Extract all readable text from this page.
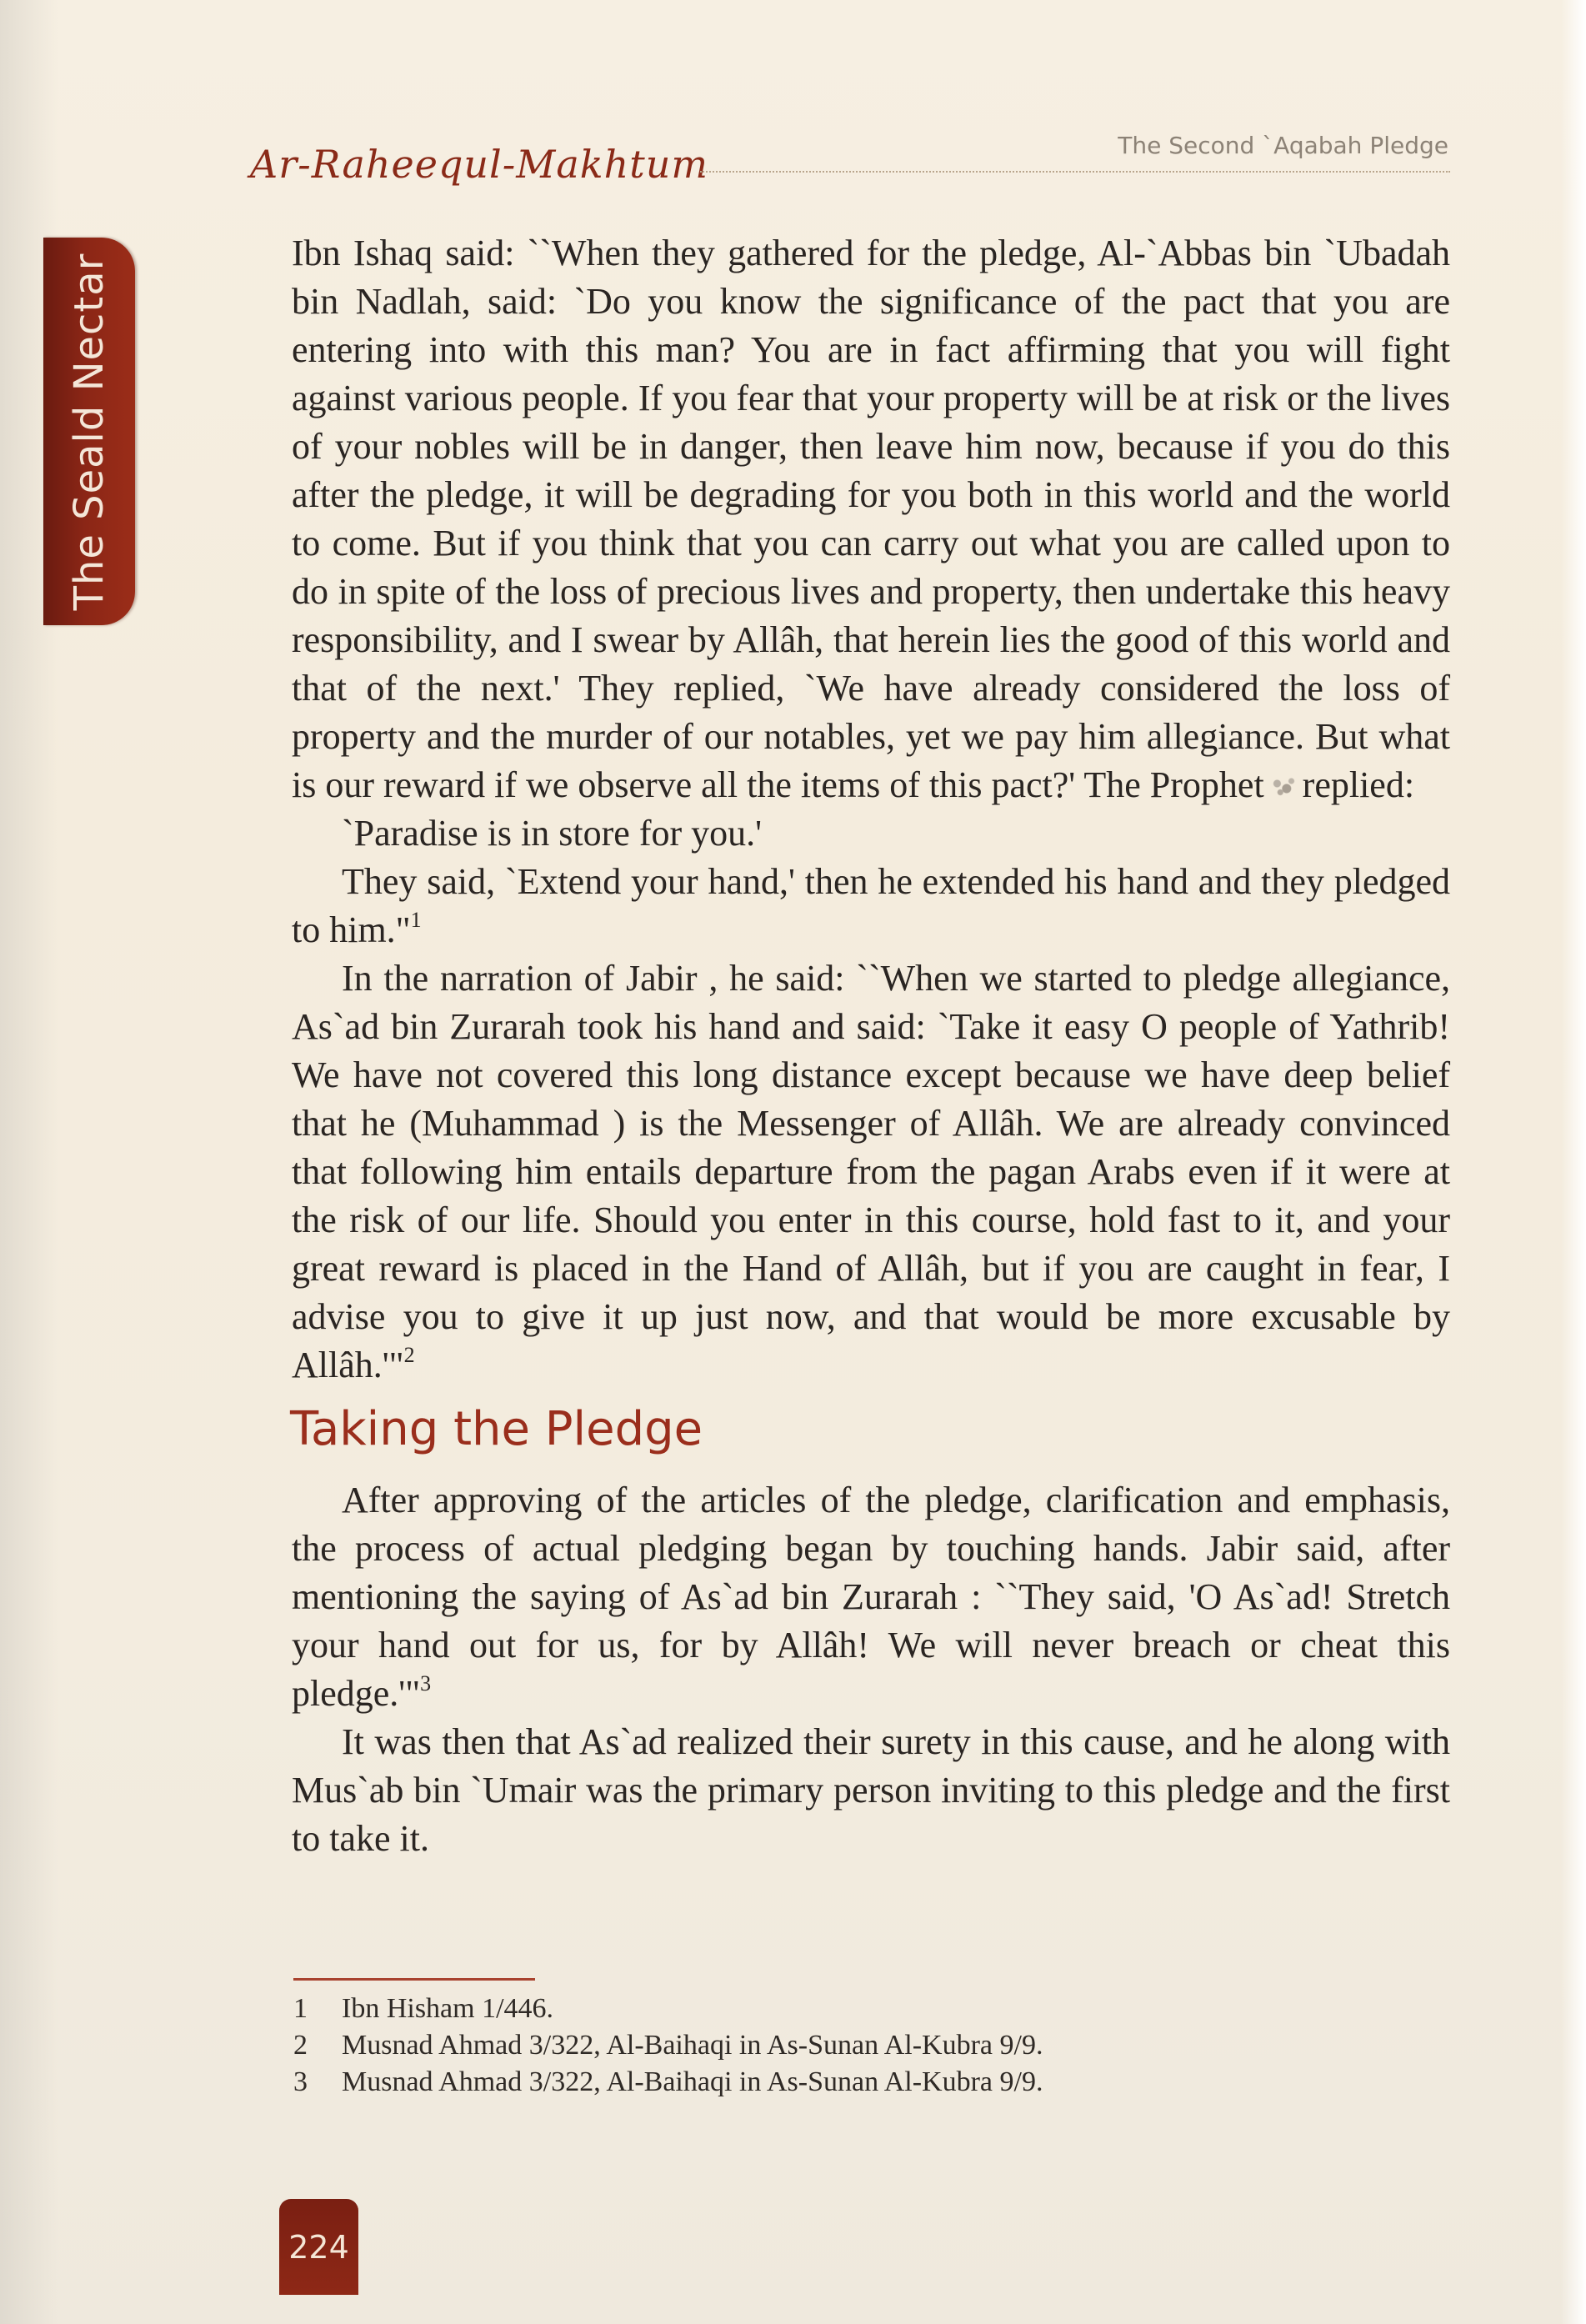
Ar-Raheequl-Makhtum	The Second `Aqabah Pledge
The Seald Nectar	Ibn Ishaq said: ``When they gathered for the pledge, Al-`Abbas bin `Ubadah bin Nadlah, said: `Do you know the significance of the pact that you are entering into with this man? You are in fact affirming that you will fight against various people. If you fear that your property will be at risk or the lives of your nobles will be in danger, then leave him now, because if you do this after the pledge, it will be degrading for you both in this world and the world to come. But if you think that you can carry out what you are called upon to do in spite of the loss of precious lives and property, then undertake this heavy responsibility, and I swear by Allâh, that herein lies the good of this world and that of the next.' They replied, `We have already considered the loss of property and the murder of our notables, yet we pay him allegiance. But what is our reward if we observe all the items of this pact?' The Prophet replied:

`Paradise is in store for you.'

They said, `Extend your hand,' then he extended his hand and they pledged to him."$^1$

In the narration of Jabir , he said: ``When we started to pledge allegiance, As`ad bin Zurarah took his hand and said: `Take it easy O people of Yathrib! We have not covered this long distance except because we have deep belief that he (Muhammad ) is the Messenger of Allâh. We are already convinced that following him entails departure from the pagan Arabs even if it were at the risk of our life. Should you enter in this course, hold fast to it, and your great reward is placed in the Hand of Allâh, but if you are caught in fear, I advise you to give it up just now, and that would be more excusable by Allâh.'"$^2$

Taking the Pledge

After approving of the articles of the pledge, clarification and emphasis, the process of actual pledging began by touching hands. Jabir said, after mentioning the saying of As`ad bin Zurarah : ``They said, 'O As`ad! Stretch your hand out for us, for by Allâh! We will never breach or cheat this pledge.'"$^3$

It was then that As`ad realized their surety in this cause, and he along with Mus`ab bin `Umair was the primary person inviting to this pledge and the first to take it.

1	Ibn Hisham 1/446.
2	Musnad Ahmad 3/322, Al-Baihaqi in As-Sunan Al-Kubra 9/9.
3	Musnad Ahmad 3/322, Al-Baihaqi in As-Sunan Al-Kubra 9/9.
224
